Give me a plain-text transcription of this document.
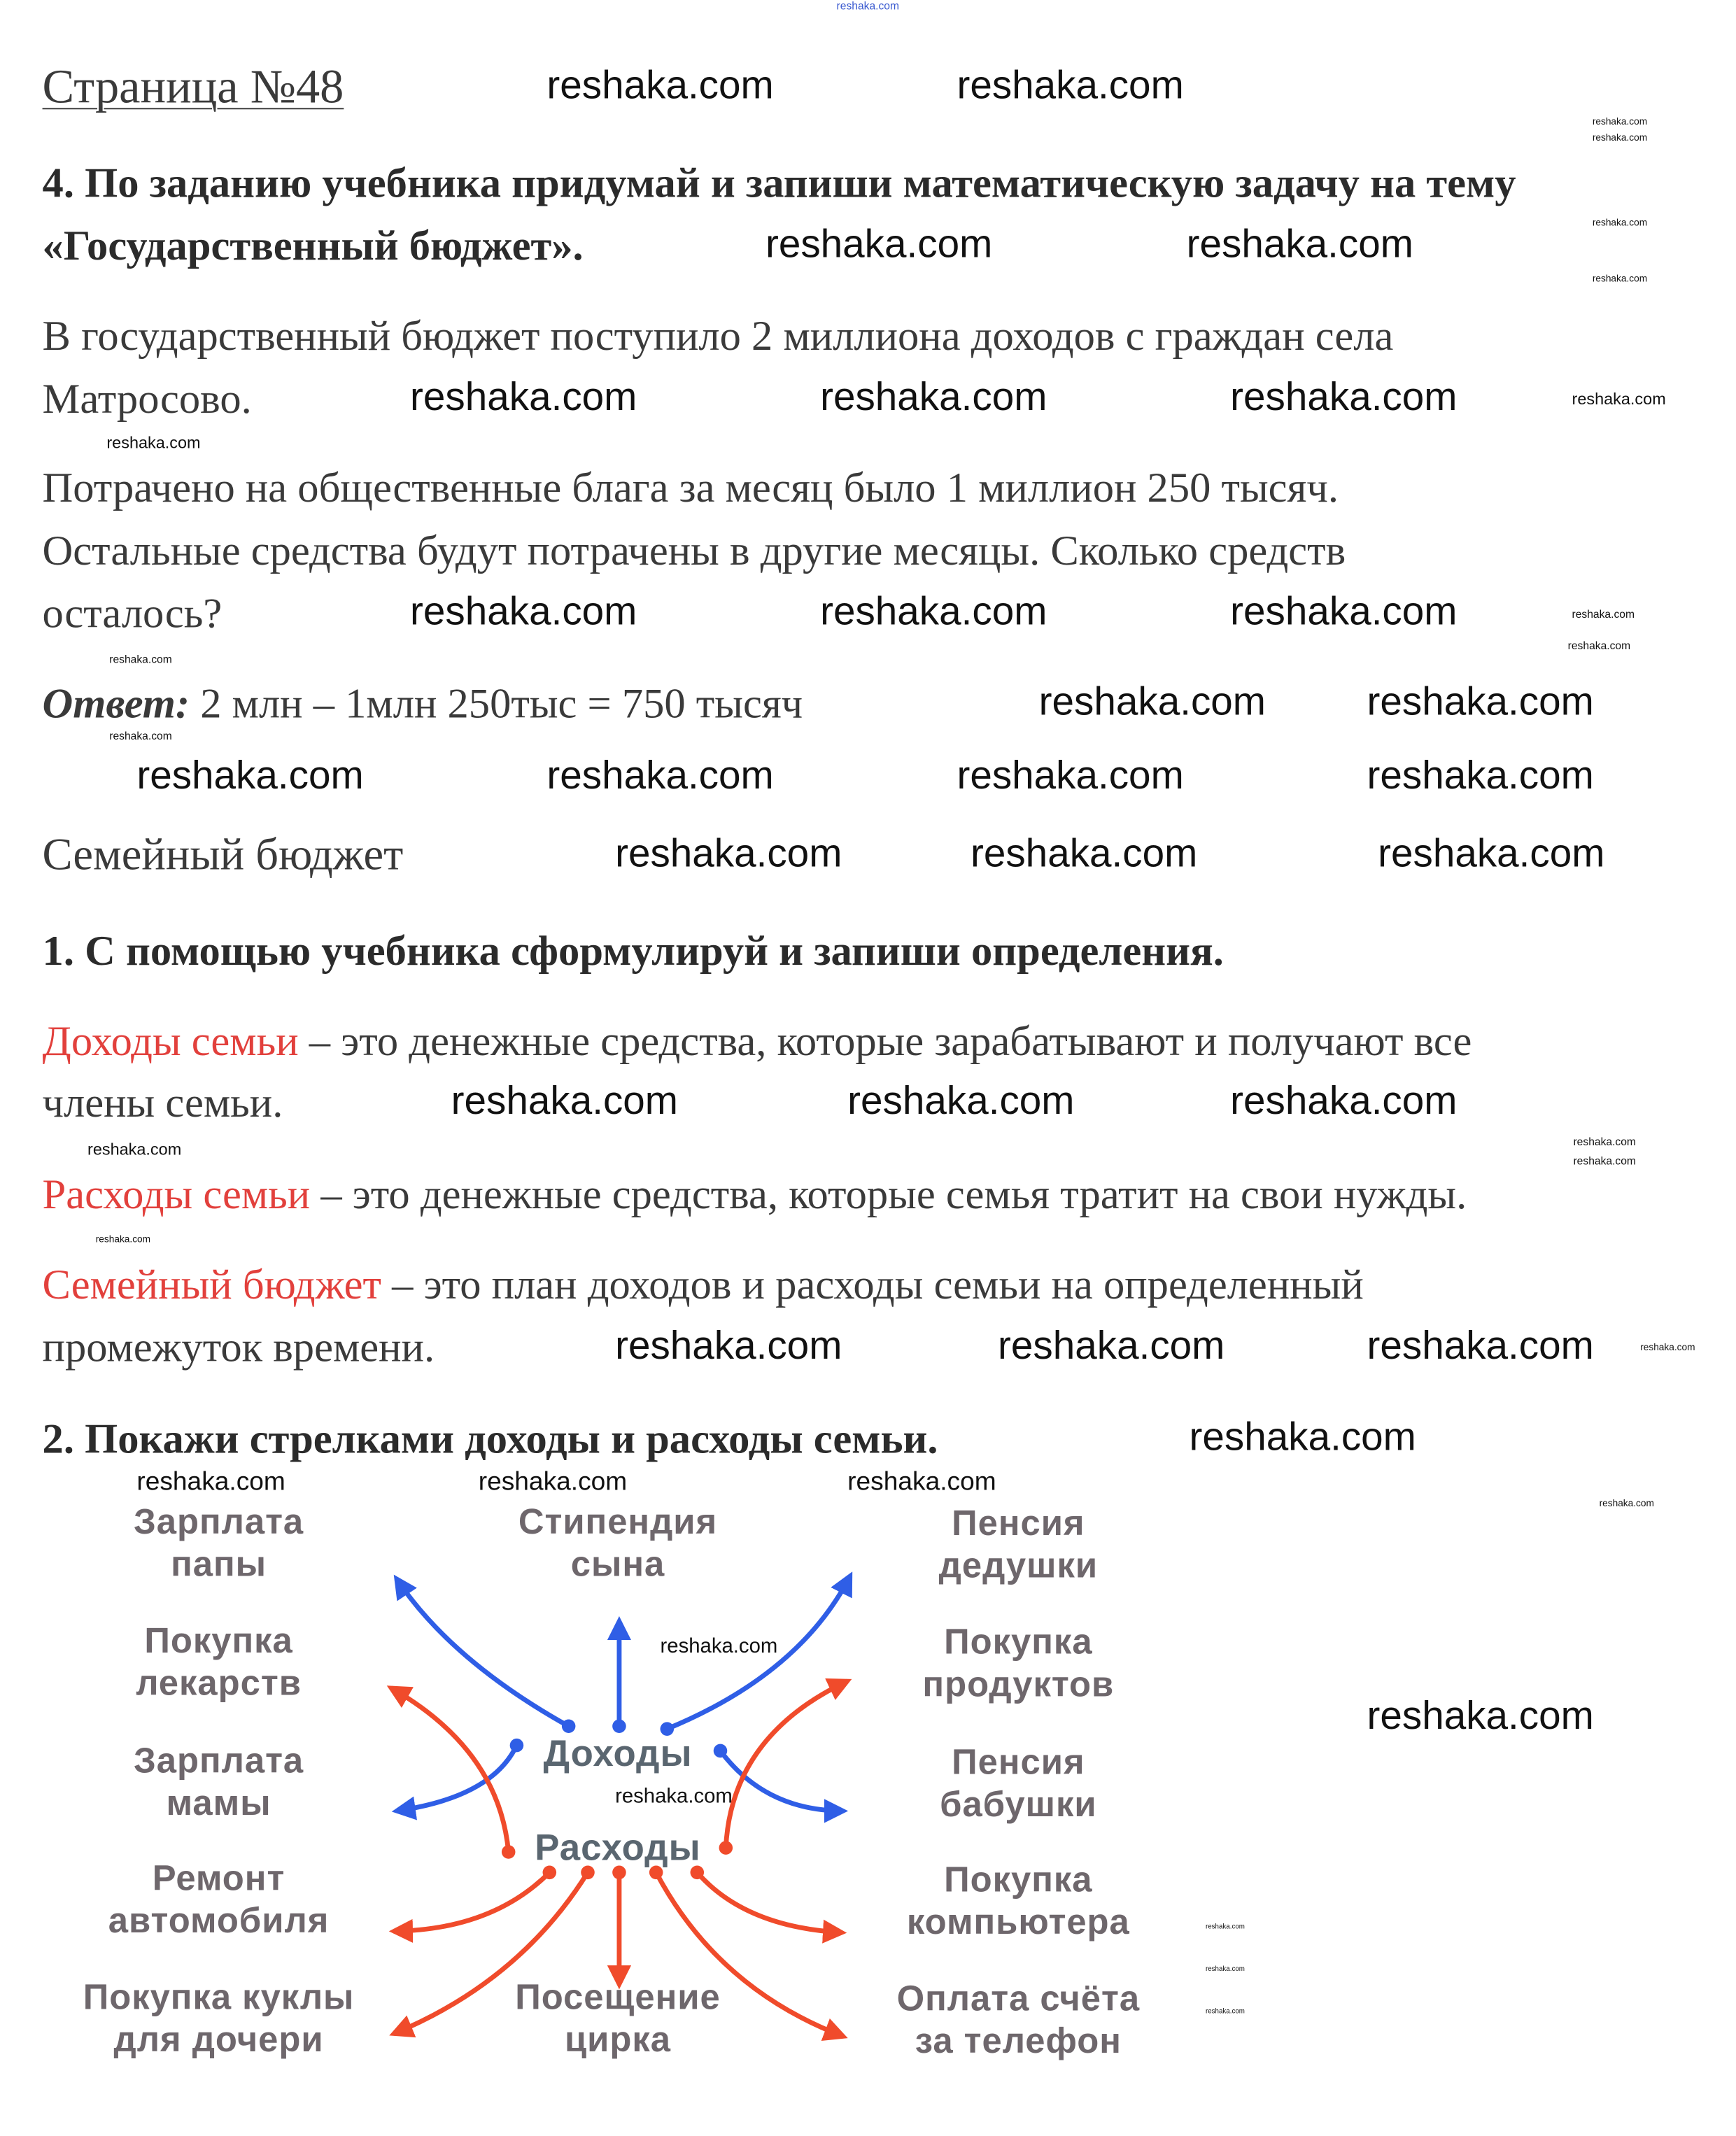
Страница №48
4. По заданию учебника придумай и запиши математическую задачу на тему
«Государственный бюджет».
В государственный бюджет поступило 2 миллиона доходов с граждан села
Матросово.
Потрачено на общественные блага за месяц было 1 миллион 250 тысяч.
Остальные средства будут потрачены в другие месяцы. Сколько средств
осталось?
Ответ: 2 млн – 1млн 250тыс = 750 тысяч
Семейный бюджет
1. С помощью учебника сформулируй и запиши определения.
Доходы семьи – это денежные средства, которые зарабатывают и получают все
члены семьи.
Расходы семьи – это денежные средства, которые семья тратит на свои нужды.
Семейный бюджет – это план доходов и расходы семьи на определенный
промежуток времени.
2. Покажи стрелками доходы и расходы семьи.
Доходы
Расходы
Зарплата
папы
Стипендия
сына
Пенсия
дедушки
Покупка
лекарств
Покупка
продуктов
Зарплата
мамы
Пенсия
бабушки
Ремонт
автомобиля
Покупка
компьютера
Покупка куклы
для дочери
Посещение
цирка
Оплата счёта
за телефон
reshaka.com	reshaka.com
reshaka.com	reshaka.com
reshaka.com	reshaka.com	reshaka.com
reshaka.com	reshaka.com	reshaka.com
reshaka.com	reshaka.com
reshaka.com	reshaka.com	reshaka.com	reshaka.com
reshaka.com	reshaka.com	reshaka.com
reshaka.com	reshaka.com	reshaka.com
reshaka.com	reshaka.com	reshaka.com
reshaka.com
reshaka.com
reshaka.com	reshaka.com	reshaka.com
reshaka.com
reshaka.com
reshaka.com
reshaka.com
reshaka.com
reshaka.com
reshaka.com
reshaka.com
reshaka.com
reshaka.com
reshaka.com
reshaka.com
reshaka.com
reshaka.com
reshaka.com
reshaka.com
reshaka.com
reshaka.com
reshaka.com
reshaka.com
reshaka.com
reshaka.com
